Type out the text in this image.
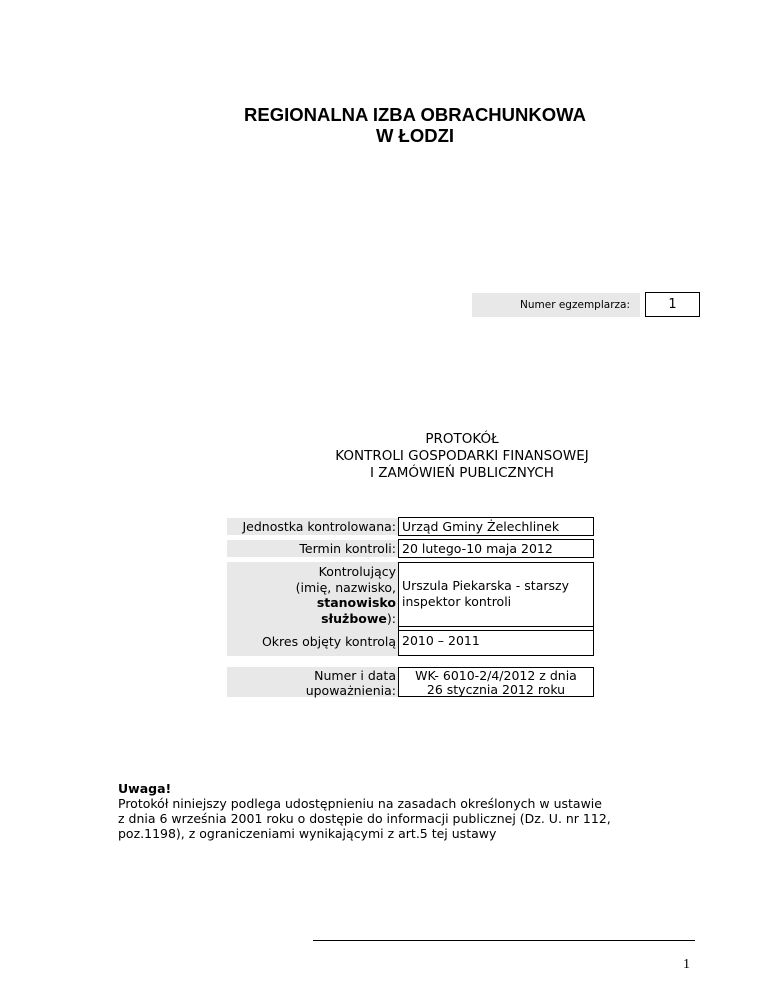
REGIONALNA IZBA OBRACHUNKOWA
W ŁODZI
Numer egzemplarza:	1
PROTOKÓŁ
KONTROLI GOSPODARKI FINANSOWEJ
I ZAMÓWIEŃ PUBLICZNYCH
Jednostka kontrolowana: Urząd Gminy Żelechlinek
Termin kontroli: 20 lutego-10 maja 2012
Kontrolujący
(imię, nazwisko,
stanowisko
służbowe):
Urszula Piekarska - starszy
inspektor kontroli
Okres objęty kontrolą 2010 – 2011
Numer i data
upoważnienia:
WK- 6010-2/4/2012 z dnia
26 stycznia 2012 roku
Uwaga!
Protokół niniejszy podlega udostępnieniu na zasadach określonych w ustawie
z dnia 6 września 2001 roku o dostępie do informacji publicznej (Dz. U. nr 112,
poz.1198), z ograniczeniami wynikającymi z art.5 tej ustawy
1
